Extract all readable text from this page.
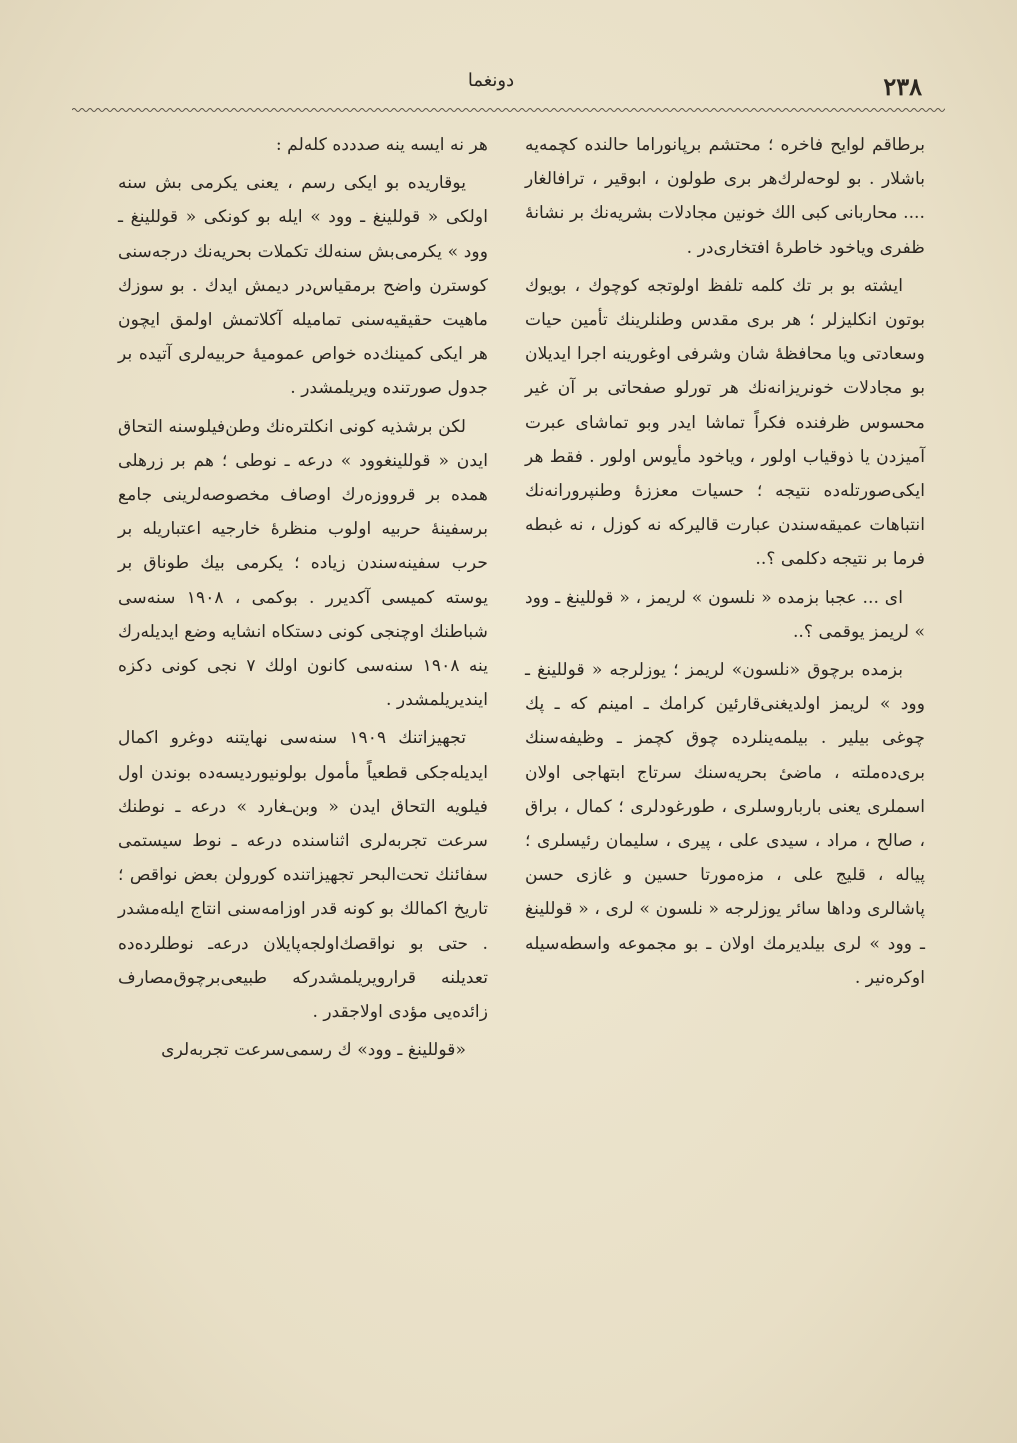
٢٣٨
دونغما

برطاقم لوایح فاخره ؛ محتشم برپانوراما حالنده کچمه‌یه باشلار . بو لوحه‌لرك‌هر بری طولون ، ابوقیر ، ترافالغار .... محاربانی کبی الك خونین مجادلات بشریه‌نك بر نشانهٔ ظفری ویاخود خاطرهٔ افتخاری‌در .

ایشته بو بر تك کلمه تلفظ اولوتجه کوچوك ، بویوك بوتون انکلیزلر ؛ هر بری مقدس وطنلرینك تأمین حیات وسعادتی ویا محافظهٔ شان وشرفی اوغورینه اجرا ایدیلان بو مجادلات خونریزانه‌نك هر تورلو صفحاتی بر آن غیر محسوس ظرفنده فکراً تماشا ایدر وبو تماشای عبرت آمیزدن یا ذوقیاب اولور ، ویاخود مأیوس اولور . فقط هر ایکی‌صورتله‌ده نتیجه ؛ حسیات معززهٔ وطنپرورانه‌نك انتباهات عمیقه‌سندن عبارت قالیرکه نه کوزل ، نه غبطه فرما بر نتیجه دکلمی ؟..

ای ... عجبا بزمده « نلسون » لریمز ، « قوللینغ ـ وود » لریمز یوقمی ؟..

بزمده برچوق «نلسون» لریمز ؛ یوزلرجه « قوللینغ ـ وود » لریمز اولدیغنی‌قارئین کرامك ـ امینم که ـ پك چوغی بیلیر . بیلمه‌ینلرده چوق کچمز ـ وظیفه‌سنك بری‌ده‌ملته ، ماضیٔ بحریه‌سنك سرتاج ابتهاجی اولان اسملری یعنی بارباروسلری ، طورغودلری ؛ کمال ، براق ، صالح ، مراد ، سیدی علی ، پیری ، سلیمان رئیسلری ؛ پیاله ، قلیج علی ، مزه‌مورتا حسین و غازی حسن پاشالری وداها سائر یوزلرجه « نلسون » لری ، « قوللینغ ـ وود » لری بیلدیرمك اولان ـ بو مجموعه واسطه‌سیله اوکره‌نیر .

هر نه ایسه ینه صددده کله‌لم :

یوقاریده بو ایکی رسم ، یعنی یکرمی بش سنه اولکی « قوللینغ ـ وود » ایله بو کونکی « قوللینغ ـ وود » یکرمی‌بش سنه‌لك تکملات بحریه‌نك درجه‌سنی کوسترن واضح برمقیاس‌در دیمش ایدك . بو سوزك ماهیت حقیقیه‌سنی تمامیله آکلاتمش اولمق ایچون هر ایکی کمینك‌ده خواص عمومیهٔ حربیه‌لری آتیده بر جدول صورتنده ویریلمشدر .

لکن برشذیه کونی انکلتره‌نك وطن‌فیلوسنه التحاق ایدن « قوللینغوود » درعه ـ نوطی ؛ هم بر زرهلی همده بر قرووزه‌رك اوصاف مخصوصه‌لرینی جامع برسفینهٔ حربیه اولوب منظرهٔ خارجیه اعتباریله بر حرب سفینه‌سندن زیاده ؛ یکرمی بیك طوناق بر یوسته کمیسی آکدیرر . بوکمی ، ۱۹۰۸ سنه‌سی شباطنك اوچنجی کونی دستکاه انشایه وضع ایدیله‌رك ینه ۱۹۰۸ سنه‌سی کانون اولك ۷ نجی کونی دکزه ایندیریلمشدر .

تجهیزاتنك ۱۹۰۹ سنه‌سی نهایتنه دوغرو اکمال ایدیله‌جکی قطعیاً مأمول بولونیوردیسه‌ده بوندن اول فیلویه التحاق ایدن « وبن‌ـغارد » درعه ـ نوطنك سرعت تجربه‌لری اثناسنده درعه ـ نوط سیستمی سفائنك تحت‌البحر تجهیزاتنده کورولن بعض نواقص ؛ تاریخ اکمالك بو کونه قدر اوزامه‌سنی انتاج ایله‌مشدر . حتی بو نواقصك‌اولجه‌پایلان درعه‌ـ نوطلرده‌ده تعدیلنه قرارویریلمشدرکه طبیعی‌برچوق‌مصارف زائده‌یی مؤدی اولاجقدر .

«قوللینغ ـ وود» ك رسمی‌سرعت تجربه‌لری
